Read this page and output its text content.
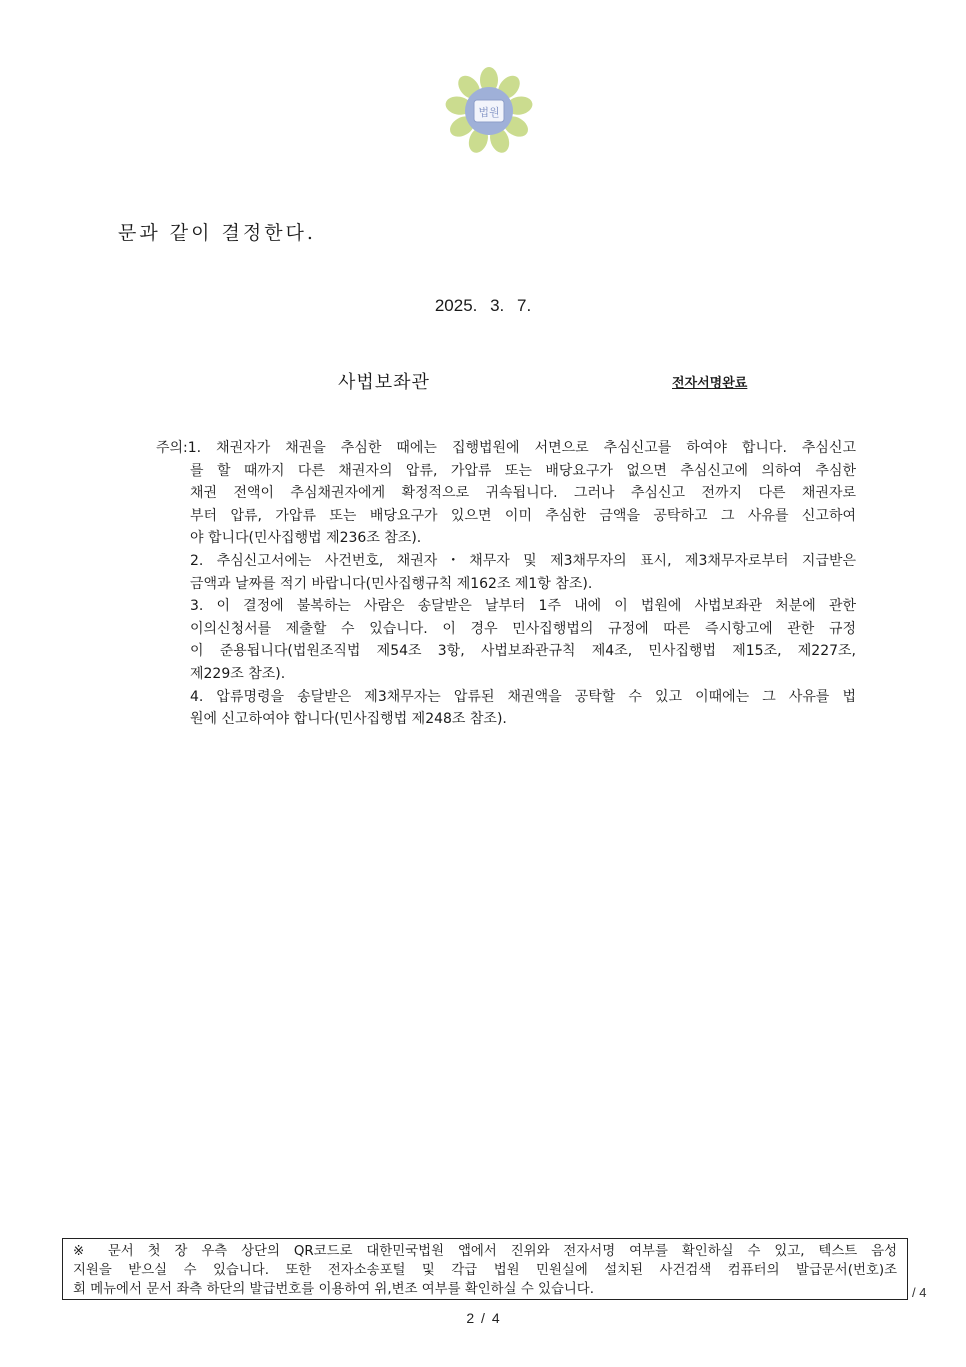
법원
문과 같이 결정한다.
2025. 3. 7.
사법보좌관	전자서명완료
주의:1. 채권자가 채권을 추심한 때에는 집행법원에 서면으로 추심신고를 하여야 합니다. 추심신고
를 할 때까지 다른 채권자의 압류, 가압류 또는 배당요구가 없으면 추심신고에 의하여 추심한
채권 전액이 추심채권자에게 확정적으로 귀속됩니다. 그러나 추심신고 전까지 다른 채권자로
부터 압류, 가압류 또는 배당요구가 있으면 이미 추심한 금액을 공탁하고 그 사유를 신고하여
야 합니다(민사집행법 제236조 참조).
2. 추심신고서에는 사건번호, 채권자・채무자 및 제3채무자의 표시, 제3채무자로부터 지급받은
금액과 날짜를 적기 바랍니다(민사집행규칙 제162조 제1항 참조).
3. 이 결정에 불복하는 사람은 송달받은 날부터 1주 내에 이 법원에 사법보좌관 처분에 관한
이의신청서를 제출할 수 있습니다. 이 경우 민사집행법의 규정에 따른 즉시항고에 관한 규정
이 준용됩니다(법원조직법 제54조 3항, 사법보좌관규칙 제4조, 민사집행법 제15조, 제227조,
제229조 참조).
4. 압류명령을 송달받은 제3채무자는 압류된 채권액을 공탁할 수 있고 이때에는 그 사유를 법
원에 신고하여야 합니다(민사집행법 제248조 참조).
※ 문서 첫 장 우측 상단의 QR코드로 대한민국법원 앱에서 진위와 전자서명 여부를 확인하실 수 있고, 텍스트 음성
지원을 받으실 수 있습니다. 또한 전자소송포털 및 각급 법원 민원실에 설치된 사건검색 컴퓨터의 발급문서(번호)조
회 메뉴에서 문서 좌측 하단의 발급번호를 이용하여 위,변조 여부를 확인하실 수 있습니다.	/ 4
2 / 4
